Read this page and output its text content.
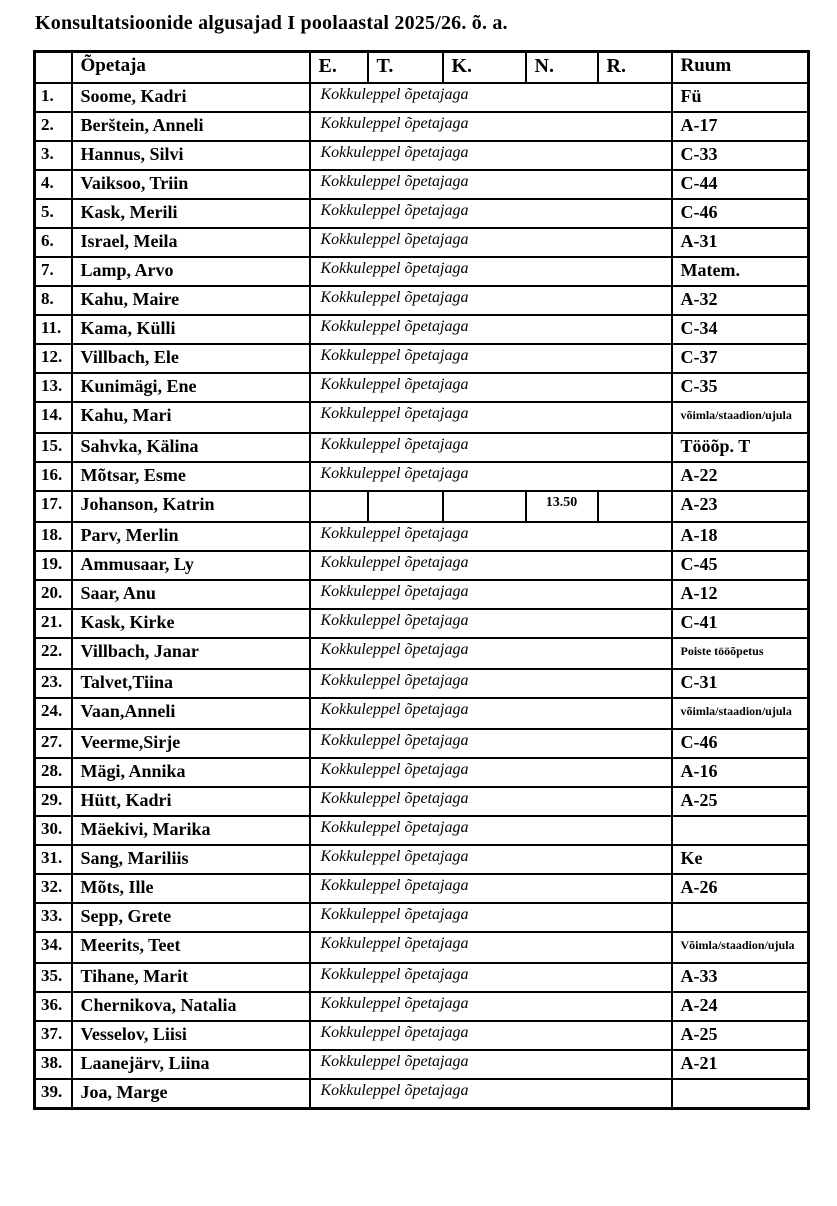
Konsultatsioonide algusajad I poolaastal 2025/26. õ. a.
	Õpetaja	E.	T.	K.	N.	R.	Ruum
1.	Soome, Kadri	Kokkuleppel õpetajaga					Fü
2.	Berštein, Anneli	Kokkuleppel õpetajaga					A-17
3.	Hannus, Silvi	Kokkuleppel õpetajaga					C-33
4.	Vaiksoo, Triin	Kokkuleppel õpetajaga					C-44
5.	Kask, Merili	Kokkuleppel õpetajaga					C-46
6.	Israel, Meila	Kokkuleppel õpetajaga					A-31
7.	Lamp, Arvo	Kokkuleppel õpetajaga					Matem.
8.	Kahu, Maire	Kokkuleppel õpetajaga					A-32
11.	Kama, Külli	Kokkuleppel õpetajaga					C-34
12.	Villbach, Ele	Kokkuleppel õpetajaga					C-37
13.	Kunimägi, Ene	Kokkuleppel õpetajaga					C-35
14.	Kahu, Mari	Kokkuleppel õpetajaga					võimla/staadion/ujula
15.	Sahvka, Kälina	Kokkuleppel õpetajaga					Tööõp. T
16.	Mõtsar, Esme	Kokkuleppel õpetajaga					A-22
17.	Johanson, Katrin				13.50		A-23
18.	Parv, Merlin	Kokkuleppel õpetajaga					A-18
19.	Ammusaar, Ly	Kokkuleppel õpetajaga					C-45
20.	Saar, Anu	Kokkuleppel õpetajaga					A-12
21.	Kask, Kirke	Kokkuleppel õpetajaga					C-41
22.	Villbach, Janar	Kokkuleppel õpetajaga					Poiste tööõpetus
23.	Talvet,Tiina	Kokkuleppel õpetajaga					C-31
24.	Vaan,Anneli	Kokkuleppel õpetajaga					võimla/staadion/ujula
27.	Veerme,Sirje	Kokkuleppel õpetajaga					C-46
28.	Mägi, Annika	Kokkuleppel õpetajaga					A-16
29.	Hütt, Kadri	Kokkuleppel õpetajaga					A-25
30.	Mäekivi, Marika	Kokkuleppel õpetajaga					
31.	Sang, Mariliis	Kokkuleppel õpetajaga					Ke
32.	Mõts, Ille	Kokkuleppel õpetajaga					A-26
33.	Sepp, Grete	Kokkuleppel õpetajaga					
34.	Meerits, Teet	Kokkuleppel õpetajaga					Võimla/staadion/ujula
35.	Tihane, Marit	Kokkuleppel õpetajaga					A-33
36.	Chernikova, Natalia	Kokkuleppel õpetajaga					A-24
37.	Vesselov, Liisi	Kokkuleppel õpetajaga					A-25
38.	Laanejärv, Liina	Kokkuleppel õpetajaga					A-21
39.	Joa, Marge	Kokkuleppel õpetajaga					
